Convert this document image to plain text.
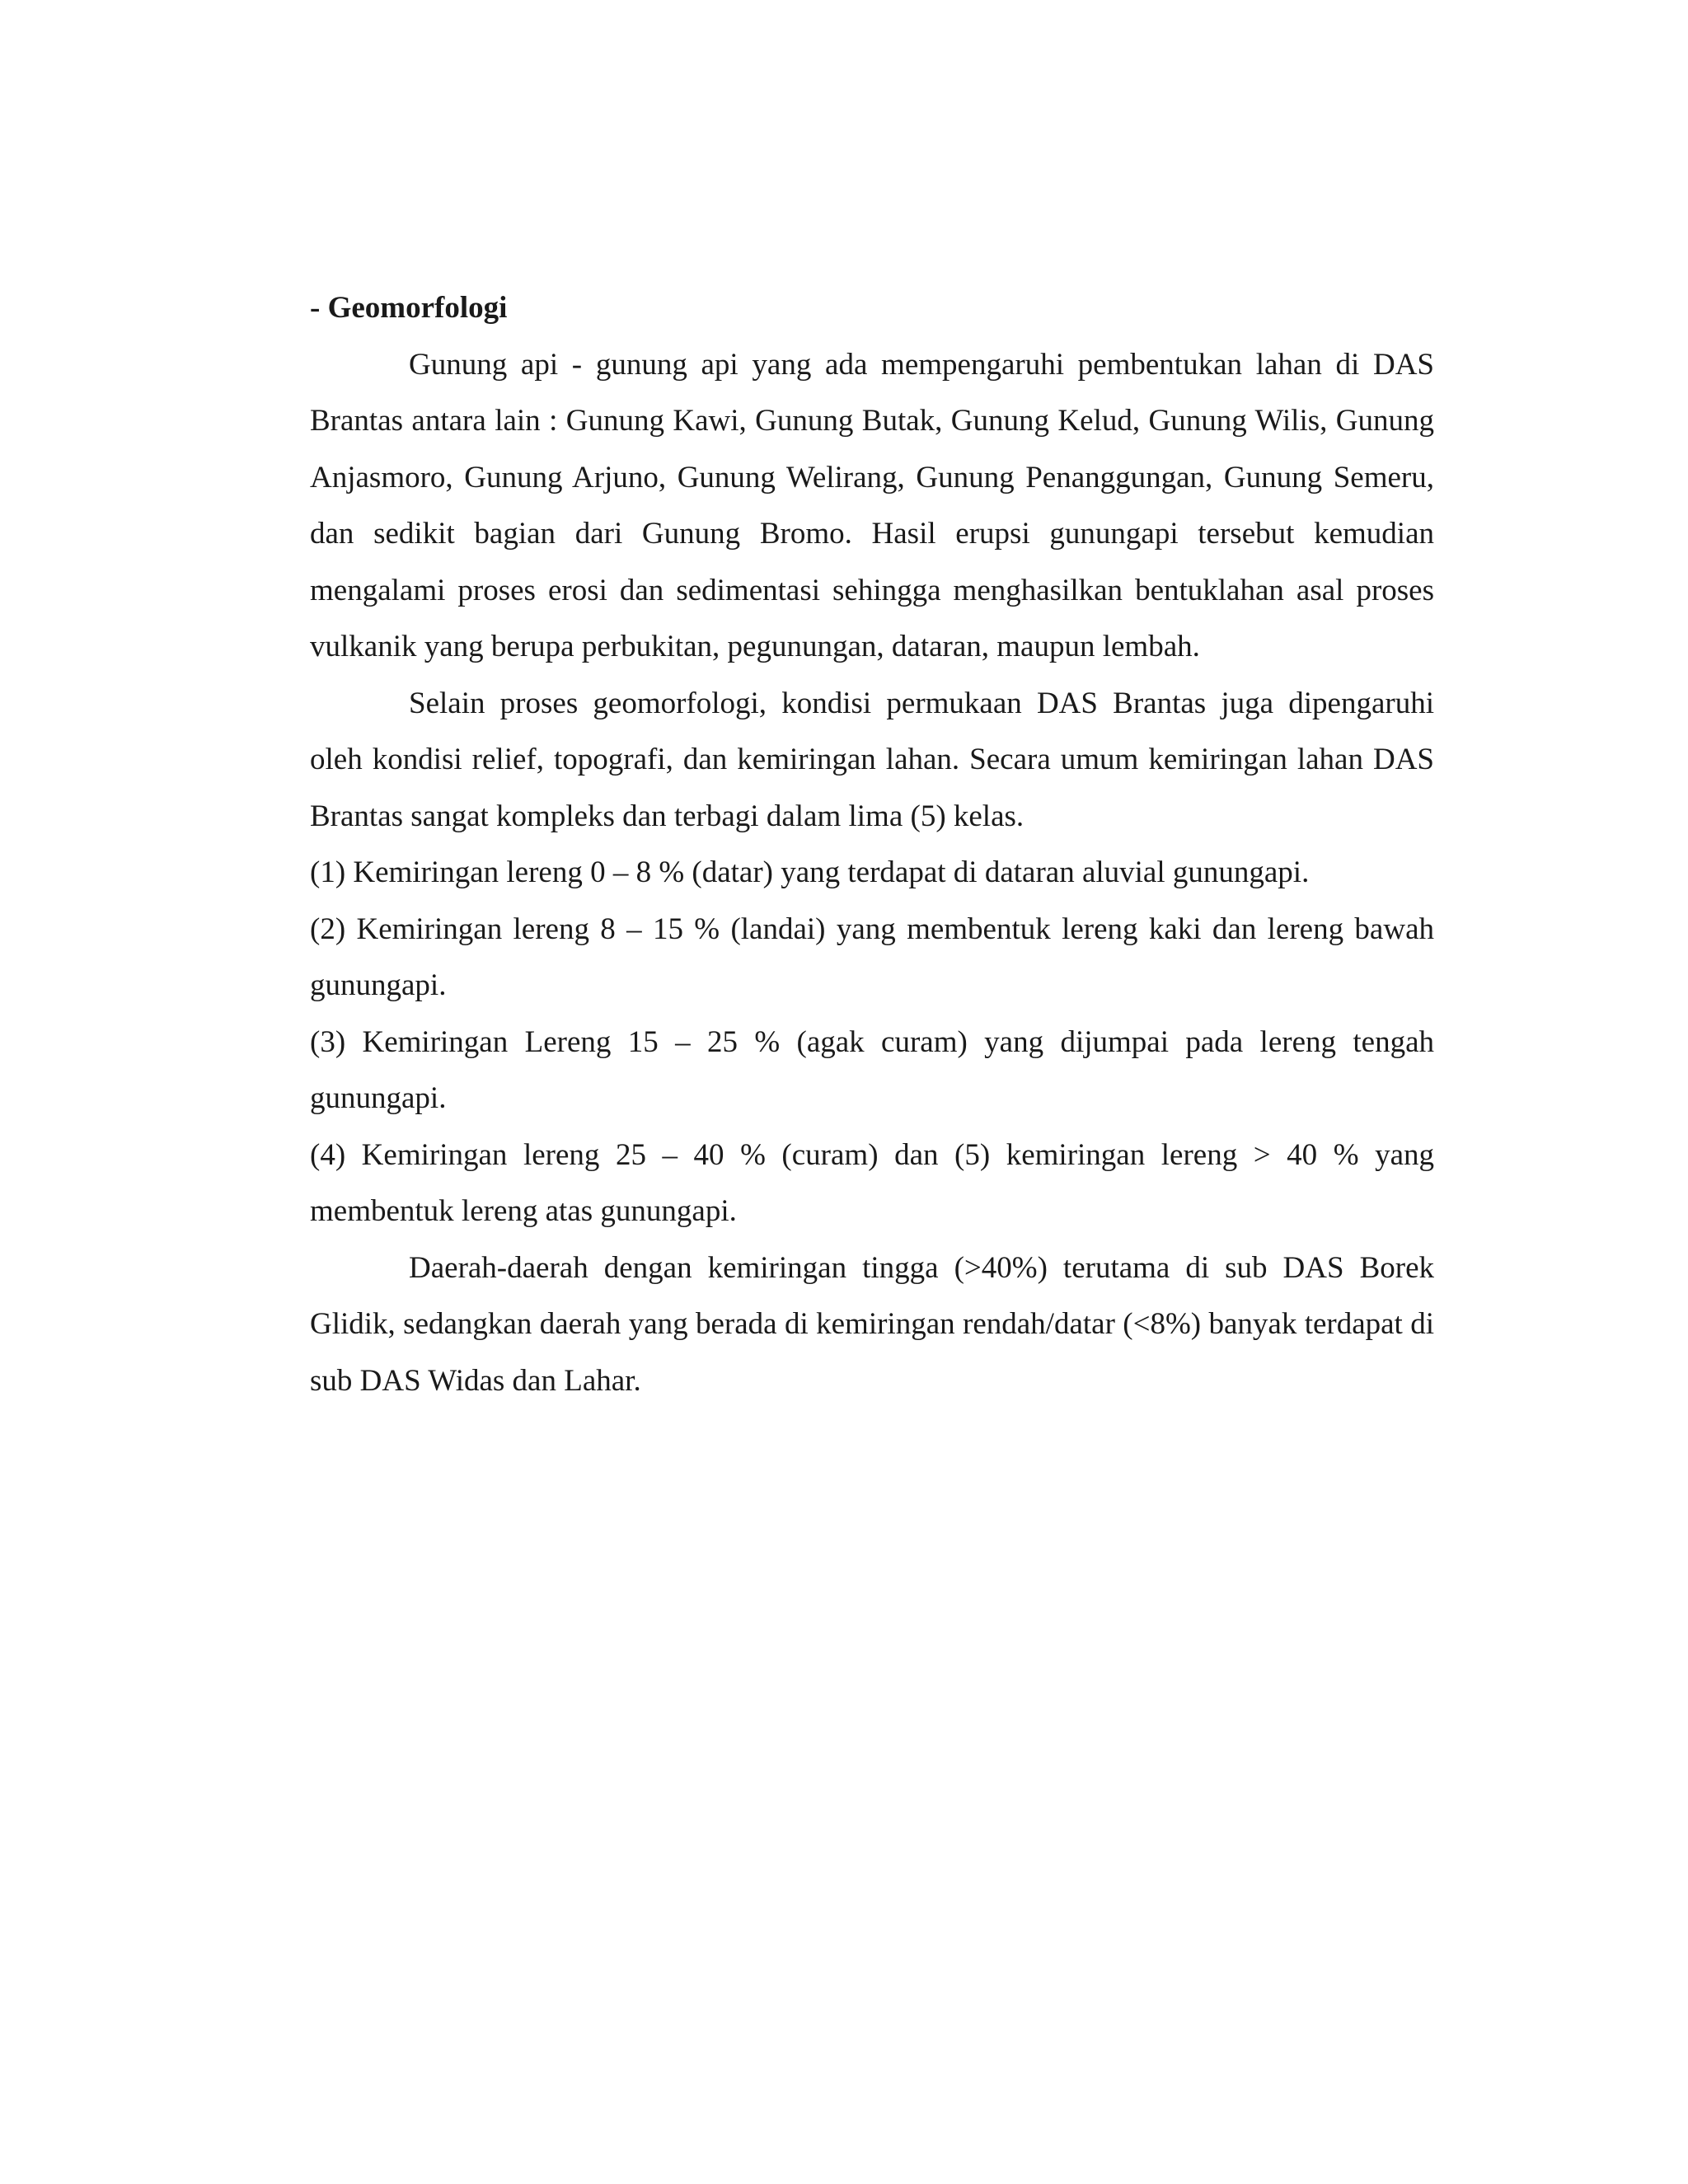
- Geomorfologi

Gunung api - gunung api yang ada mempengaruhi pembentukan lahan di DAS Brantas antara lain : Gunung Kawi, Gunung Butak, Gunung Kelud, Gunung Wilis, Gunung Anjasmoro, Gunung Arjuno, Gunung Welirang, Gunung Penanggungan, Gunung Semeru, dan sedikit bagian dari Gunung Bromo. Hasil erupsi gunungapi tersebut kemudian mengalami proses erosi dan sedimentasi sehingga menghasilkan bentuklahan asal proses vulkanik yang berupa perbukitan, pegunungan, dataran, maupun lembah.

Selain proses geomorfologi, kondisi permukaan DAS Brantas juga dipengaruhi oleh kondisi relief, topografi, dan kemiringan lahan. Secara umum kemiringan lahan DAS Brantas sangat kompleks dan terbagi dalam lima (5) kelas.

(1) Kemiringan lereng 0 – 8 % (datar) yang terdapat di dataran aluvial gunungapi.

(2) Kemiringan lereng 8 – 15 % (landai) yang membentuk lereng kaki dan lereng bawah gunungapi.

(3) Kemiringan Lereng 15 – 25 % (agak curam) yang dijumpai pada lereng tengah gunungapi.

(4) Kemiringan lereng 25 – 40 % (curam) dan (5) kemiringan lereng > 40 % yang membentuk lereng atas gunungapi.

Daerah-daerah dengan kemiringan tingga (>40%) terutama di sub DAS Borek Glidik, sedangkan daerah yang berada di kemiringan rendah/datar (<8%) banyak terdapat di sub DAS Widas dan Lahar.
